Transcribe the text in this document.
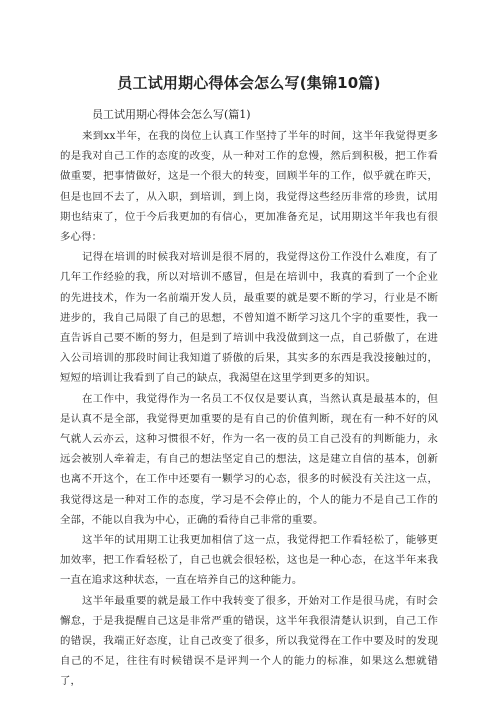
员工试用期心得体会怎么写(集锦10篇)

员工试用期心得体会怎么写(篇1)

来到xx半年，在我的岗位上认真工作坚持了半年的时间，这半年我觉得更多的是我对自己工作的态度的改变，从一种对工作的怠慢，然后到积极，把工作看做重要，把事情做好，这是一个很大的转变，回顾半年的工作，似乎就在昨天，但是也回不去了，从入职，到培训，到上岗，我觉得这些经历非常的珍贵，试用期也结束了，位于今后我更加的有信心，更加准备充足，试用期这半年我也有很多心得：

记得在培训的时候我对培训是很不屑的，我觉得这份工作没什么难度，有了几年工作经验的我，所以对培训不感冒，但是在培训中，我真的看到了一个企业的先进技术，作为一名前端开发人员，最重要的就是要不断的学习，行业是不断进步的，我自己局限了自己的思想，不曾知道不断学习这几个字的重要性，我一直告诉自己要不断的努力，但是到了培训中我没做到这一点，自己骄傲了，在进入公司培训的那段时间让我知道了骄傲的后果，其实多的东西是我没接触过的，短短的培训让我看到了自己的缺点，我渴望在这里学到更多的知识。

在工作中，我觉得作为一名员工不仅仅是要认真，当然认真是最基本的，但是认真不是全部，我觉得更加重要的是有自己的价值判断，现在有一种不好的风气就人云亦云，这种习惯很不好，作为一名一夜的员工自己没有的判断能力，永远会被别人牵着走，有自己的想法坚定自己的想法，这是建立自信的基本，创新也离不开这个，在工作中还要有一颗学习的心态，很多的时候没有关注这一点，我觉得这是一种对工作的态度，学习是不会停止的，个人的能力不是自己工作的全部，不能以自我为中心，正确的看待自己非常的重要。

这半年的试用期工让我更加相信了这一点，我觉得把工作看轻松了，能够更加效率，把工作看轻松了，自己也就会很轻松，这也是一种心态，在这半年来我一直在追求这种状态，一直在培养自己的这种能力。

这半年最重要的就是最工作中我转变了很多，开始对工作是很马虎，有时会懈怠，于是我提醒自己这是非常严重的错误，这半年我很清楚认识到，自己工作的错误，我端正好态度，让自己改变了很多，所以我觉得在工作中要及时的发现自己的不足，往往有时候错误不是评判一个人的能力的标准，如果这么想就错了，
